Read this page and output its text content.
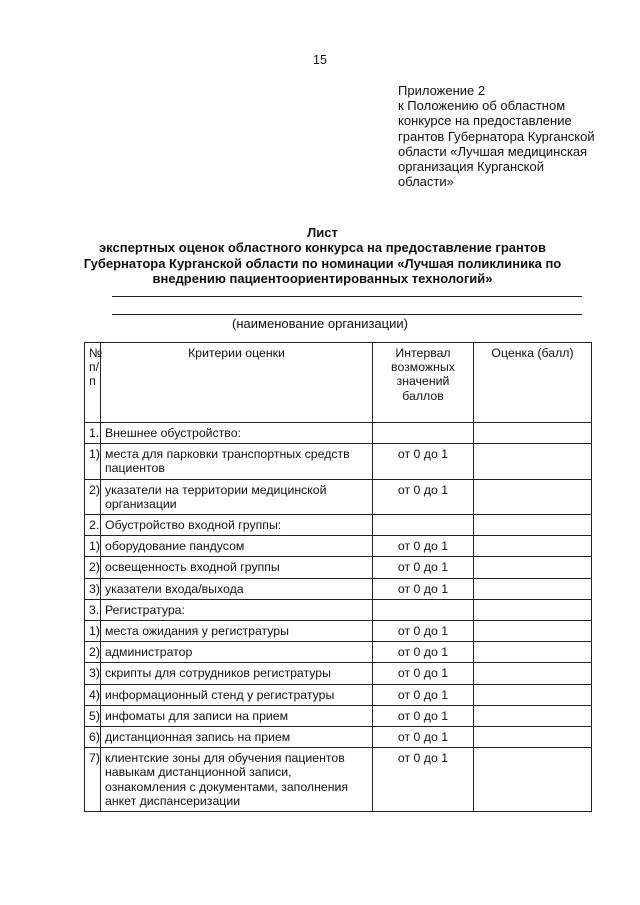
15
Приложение 2
к Положению об областном
конкурсе на предоставление
грантов Губернатора Курганской
области «Лучшая медицинская
организация Курганской
области»
Лист
экспертных оценок областного конкурса на предоставление грантов
Губернатора Курганской области по номинации «Лучшая поликлиника по
внедрению пациентоориентированных технологий»
(наименование организации)
№ п/п	Критерии оценки	Интервал возможных значений баллов	Оценка (балл)
1.	Внешнее обустройство:		
1)	места для парковки транспортных средств пациентов	от 0 до 1	
2)	указатели на территории медицинской организации	от 0 до 1	
2.	Обустройство входной группы:		
1)	оборудование пандусом	от 0 до 1	
2)	освещенность входной группы	от 0 до 1	
3)	указатели входа/выхода	от 0 до 1	
3.	Регистратура:		
1)	места ожидания у регистратуры	от 0 до 1	
2)	администратор	от 0 до 1	
3)	скрипты для сотрудников регистратуры	от 0 до 1	
4)	информационный стенд у регистратуры	от 0 до 1	
5)	инфоматы для записи на прием	от 0 до 1	
6)	дистанционная запись на прием	от 0 до 1	
7)	клиентские зоны для обучения пациентов навыкам дистанционной записи, ознакомления с документами, заполнения анкет диспансеризации	от 0 до 1	
